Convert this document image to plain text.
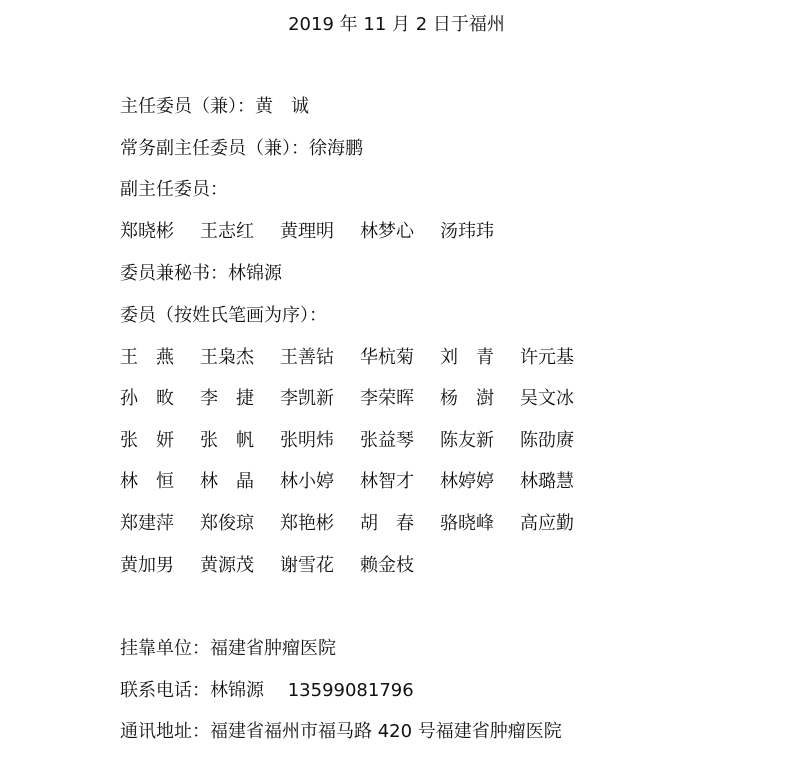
2019 年 11 月 2 日于福州
主任委员（兼）：黄　诚
常务副主任委员（兼）：徐海鹏
副主任委员：
郑晓彬	王志红	黄理明	林梦心	汤玮玮
委员兼秘书：林锦源
委员（按姓氏笔画为序）：
王　燕	王枭杰	王善钴	华杭菊	刘　青	许元基
孙　畋	李　捷	李凯新	李荣晖	杨　澍	吴文冰
张　妍	张　帆	张明炜	张益琴	陈友新	陈劭赓
林　恒	林　晶	林小婷	林智才	林婷婷	林璐慧
郑建萍	郑俊琼	郑艳彬	胡　春	骆晓峰	高应勤
黄加男	黄源茂	谢雪花	赖金枝
挂靠单位：福建省肿瘤医院
联系电话：林锦源　 13599081796
通讯地址：福建省福州市福马路 420 号福建省肿瘤医院
